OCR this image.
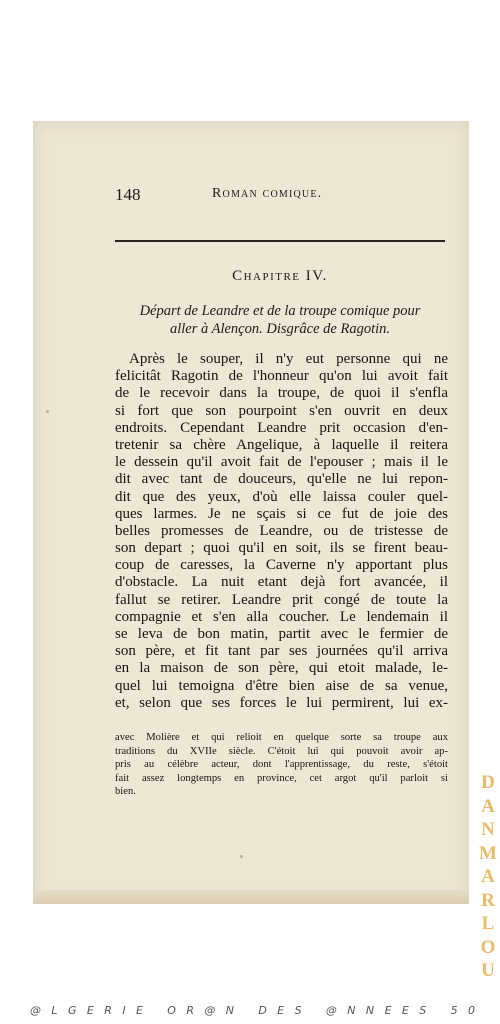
148	Roman comique.
Chapitre IV.
Départ de Leandre et de la troupe comique pour
aller à Alençon. Disgrâce de Ragotin.
Après le souper, il n'y eut personne qui ne
felicitât Ragotin de l'honneur qu'on lui avoit fait
de le recevoir dans la troupe, de quoi il s'enfla
si fort que son pourpoint s'en ouvrit en deux
endroits. Cependant Leandre prit occasion d'en-
tretenir sa chère Angelique, à laquelle il reitera
le dessein qu'il avoit fait de l'epouser ; mais il le
dit avec tant de douceurs, qu'elle ne lui repon-
dit que des yeux, d'où elle laissa couler quel-
ques larmes. Je ne sçais si ce fut de joie des
belles promesses de Leandre, ou de tristesse de
son depart ; quoi qu'il en soit, ils se firent beau-
coup de caresses, la Caverne n'y apportant plus
d'obstacle. La nuit etant dejà fort avancée, il
fallut se retirer. Leandre prit congé de toute la
compagnie et s'en alla coucher. Le lendemain il
se leva de bon matin, partit avec le fermier de
son père, et fit tant par ses journées qu'il arriva
en la maison de son père, qui etoit malade, le-
quel lui temoigna d'être bien aise de sa venue,
et, selon que ses forces le lui permirent, lui ex-
avec Molière et qui relioit en quelque sorte sa troupe aux
traditions du XVIIe siècle. C'étoit lui qui pouvoit avoir ap-
pris au célèbre acteur, dont l'apprentissage, du reste, s'étoit
fait assez longtemps en province, cet argot qu'il parloit si
bien.	D
A
N
M
A
R
L
O
U
@ L G E R I E
O R @ N
D E S
@ N N E E S
5 0
